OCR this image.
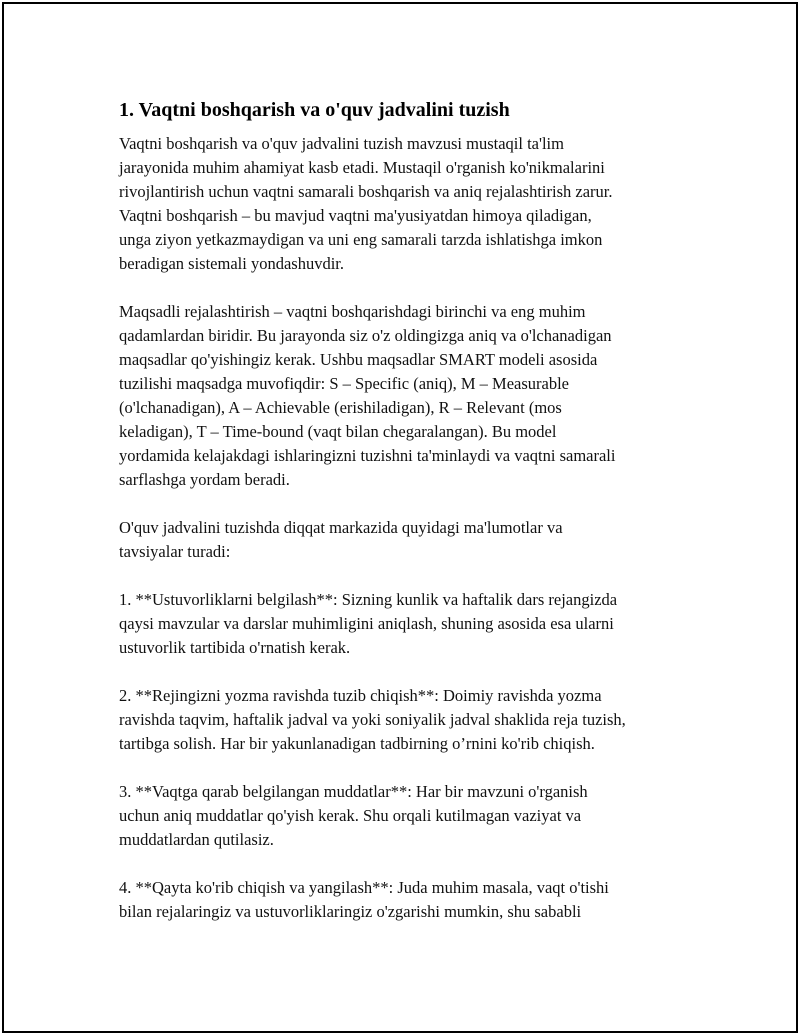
1. Vaqtni boshqarish va o'quv jadvalini tuzish

Vaqtni boshqarish va o'quv jadvalini tuzish mavzusi mustaqil ta'lim
jarayonida muhim ahamiyat kasb etadi. Mustaqil o'rganish ko'nikmalarini
rivojlantirish uchun vaqtni samarali boshqarish va aniq rejalashtirish zarur.
Vaqtni boshqarish – bu mavjud vaqtni ma'yusiyatdan himoya qiladigan,
unga ziyon yetkazmaydigan va uni eng samarali tarzda ishlatishga imkon
beradigan sistemali yondashuvdir.

Maqsadli rejalashtirish – vaqtni boshqarishdagi birinchi va eng muhim
qadamlardan biridir. Bu jarayonda siz o'z oldingizga aniq va o'lchanadigan
maqsadlar qo'yishingiz kerak. Ushbu maqsadlar SMART modeli asosida
tuzilishi maqsadga muvofiqdir: S – Specific (aniq), M – Measurable
(o'lchanadigan), A – Achievable (erishiladigan), R – Relevant (mos
keladigan), T – Time-bound (vaqt bilan chegaralangan). Bu model
yordamida kelajakdagi ishlaringizni tuzishni ta'minlaydi va vaqtni samarali
sarflashga yordam beradi.

O'quv jadvalini tuzishda diqqat markazida quyidagi ma'lumotlar va
tavsiyalar turadi:

1. **Ustuvorliklarni belgilash**: Sizning kunlik va haftalik dars rejangizda
qaysi mavzular va darslar muhimligini aniqlash, shuning asosida esa ularni
ustuvorlik tartibida o'rnatish kerak.

2. **Rejingizni yozma ravishda tuzib chiqish**: Doimiy ravishda yozma
ravishda taqvim, haftalik jadval va yoki soniyalik jadval shaklida reja tuzish,
tartibga solish. Har bir yakunlanadigan tadbirning o’rnini ko'rib chiqish.

3. **Vaqtga qarab belgilangan muddatlar**: Har bir mavzuni o'rganish
uchun aniq muddatlar qo'yish kerak. Shu orqali kutilmagan vaziyat va
muddatlardan qutilasiz.

4. **Qayta ko'rib chiqish va yangilash**: Juda muhim masala, vaqt o'tishi
bilan rejalaringiz va ustuvorliklaringiz o'zgarishi mumkin, shu sababli
